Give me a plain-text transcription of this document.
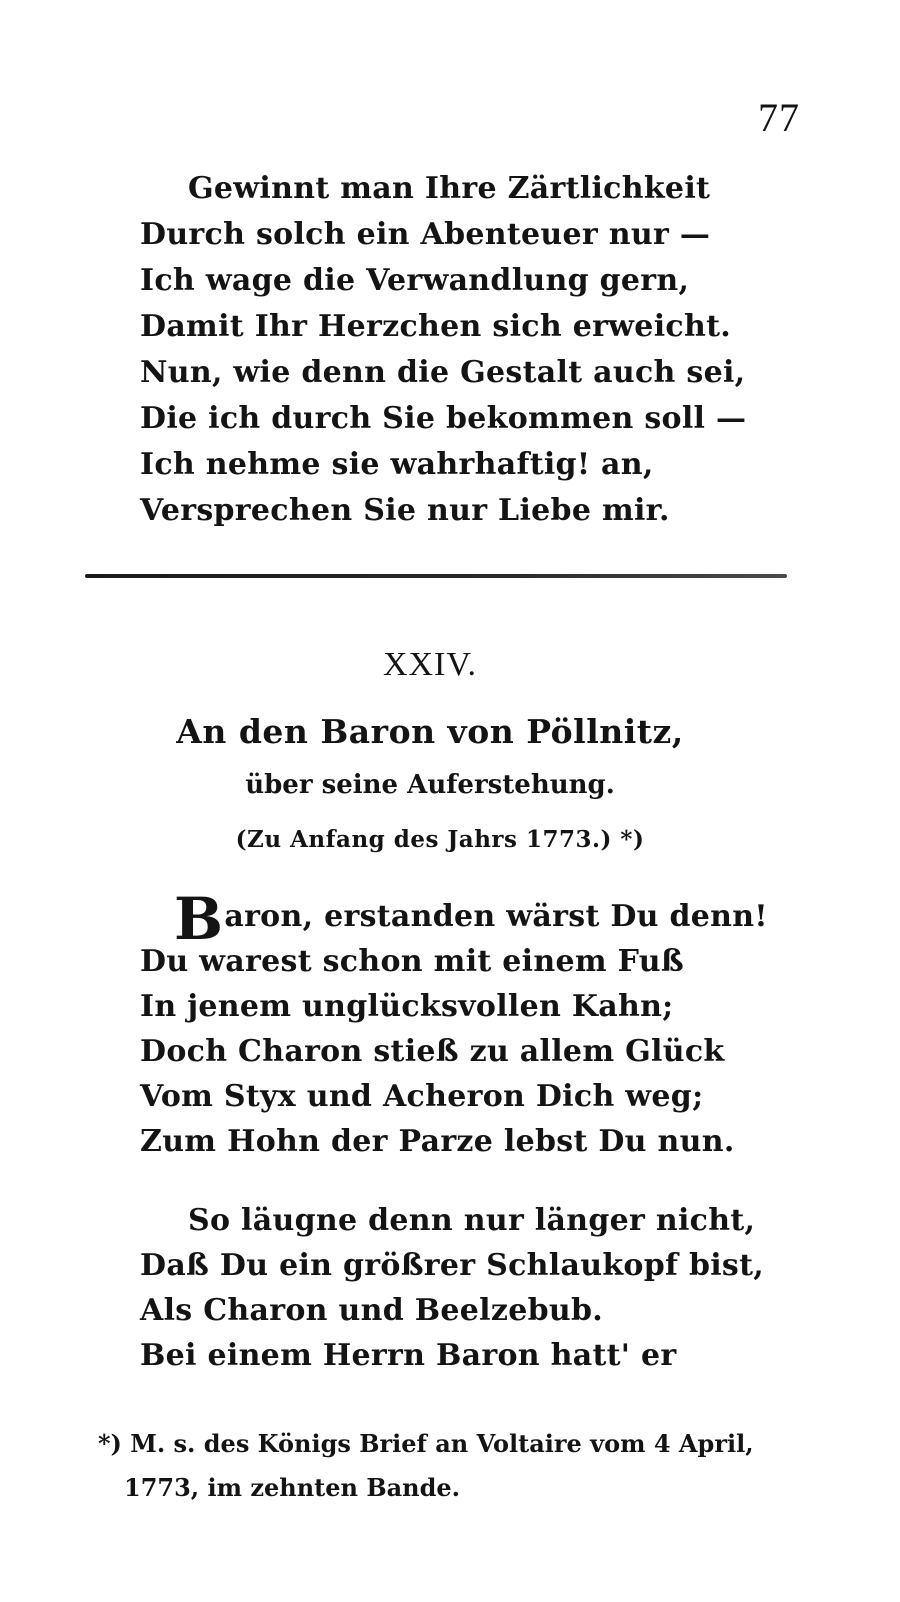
77
Gewinnt man Ihre Zärtlichkeit
Durch solch ein Abenteuer nur —
Ich wage die Verwandlung gern,
Damit Ihr Herzchen sich erweicht.
Nun, wie denn die Gestalt auch sei,
Die ich durch Sie bekommen soll —
Ich nehme sie wahrhaftig! an,
Versprechen Sie nur Liebe mir.
XXIV.
An den Baron von Pöllnitz,
über seine Auferstehung.
(Zu Anfang des Jahrs 1773.) *)
Baron, erstanden wärst Du denn!
Du warest schon mit einem Fuß
In jenem unglücksvollen Kahn;
Doch Charon stieß zu allem Glück
Vom Styx und Acheron Dich weg;
Zum Hohn der Parze lebst Du nun.
So läugne denn nur länger nicht,
Daß Du ein größrer Schlaukopf bist,
Als Charon und Beelzebub.
Bei einem Herrn Baron hatt' er
*) M. s. des Königs Brief an Voltaire vom 4 April,
1773, im zehnten Bande.
